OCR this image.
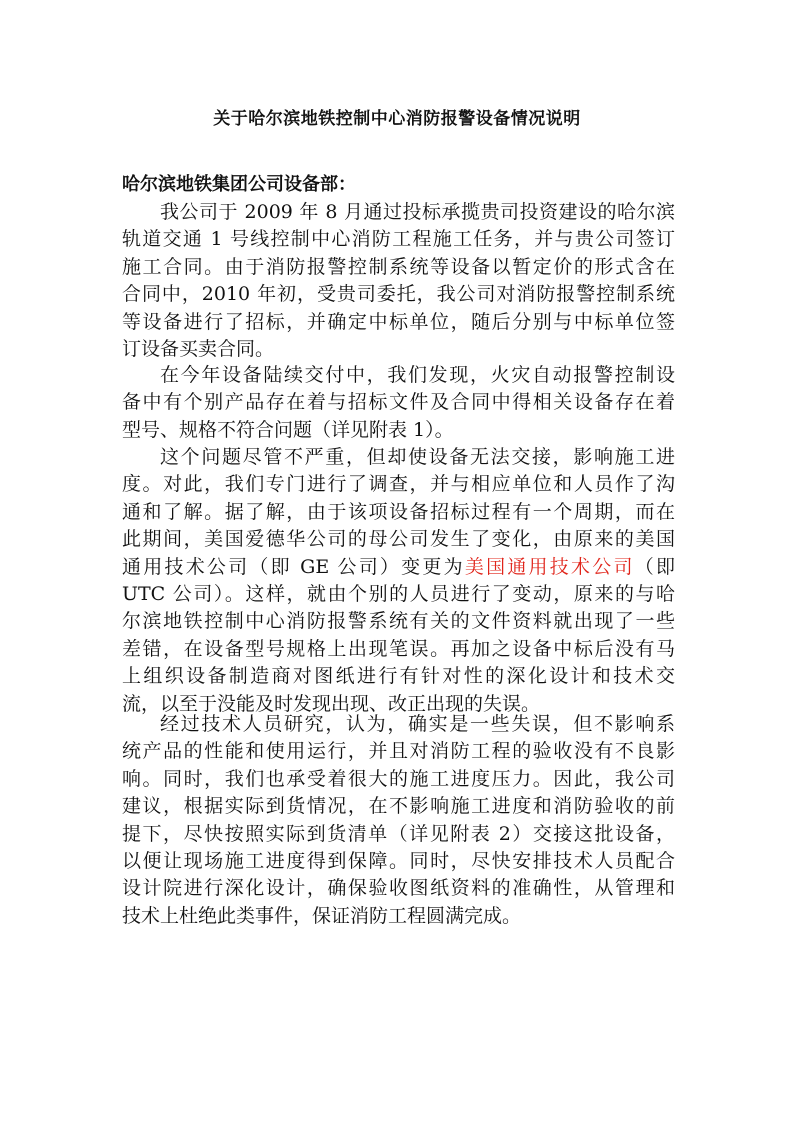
关于哈尔滨地铁控制中心消防报警设备情况说明
哈尔滨地铁集团公司设备部：
我公司于 2009 年 8 月通过投标承揽贵司投资建设的哈尔滨
轨道交通 1 号线控制中心消防工程施工任务，并与贵公司签订
施工合同。由于消防报警控制系统等设备以暂定价的形式含在
合同中，2010 年初，受贵司委托，我公司对消防报警控制系统
等设备进行了招标，并确定中标单位，随后分别与中标单位签
订设备买卖合同。
在今年设备陆续交付中，我们发现，火灾自动报警控制设
备中有个别产品存在着与招标文件及合同中得相关设备存在着
型号、规格不符合问题（详见附表 1）。
这个问题尽管不严重，但却使设备无法交接，影响施工进
度。对此，我们专门进行了调查，并与相应单位和人员作了沟
通和了解。据了解，由于该项设备招标过程有一个周期，而在
此期间，美国爱德华公司的母公司发生了变化，由原来的美国
通用技术公司（即 GE 公司）变更为美国通用技术公司（即
UTC 公司）。这样，就由个别的人员进行了变动，原来的与哈
尔滨地铁控制中心消防报警系统有关的文件资料就出现了一些
差错，在设备型号规格上出现笔误。再加之设备中标后没有马
上组织设备制造商对图纸进行有针对性的深化设计和技术交
流，以至于没能及时发现出现、改正出现的失误。
经过技术人员研究，认为，确实是一些失误，但不影响系
统产品的性能和使用运行，并且对消防工程的验收没有不良影
响。同时，我们也承受着很大的施工进度压力。因此，我公司
建议，根据实际到货情况，在不影响施工进度和消防验收的前
提下，尽快按照实际到货清单（详见附表 2）交接这批设备，
以便让现场施工进度得到保障。同时，尽快安排技术人员配合
设计院进行深化设计，确保验收图纸资料的准确性，从管理和
技术上杜绝此类事件，保证消防工程圆满完成。
